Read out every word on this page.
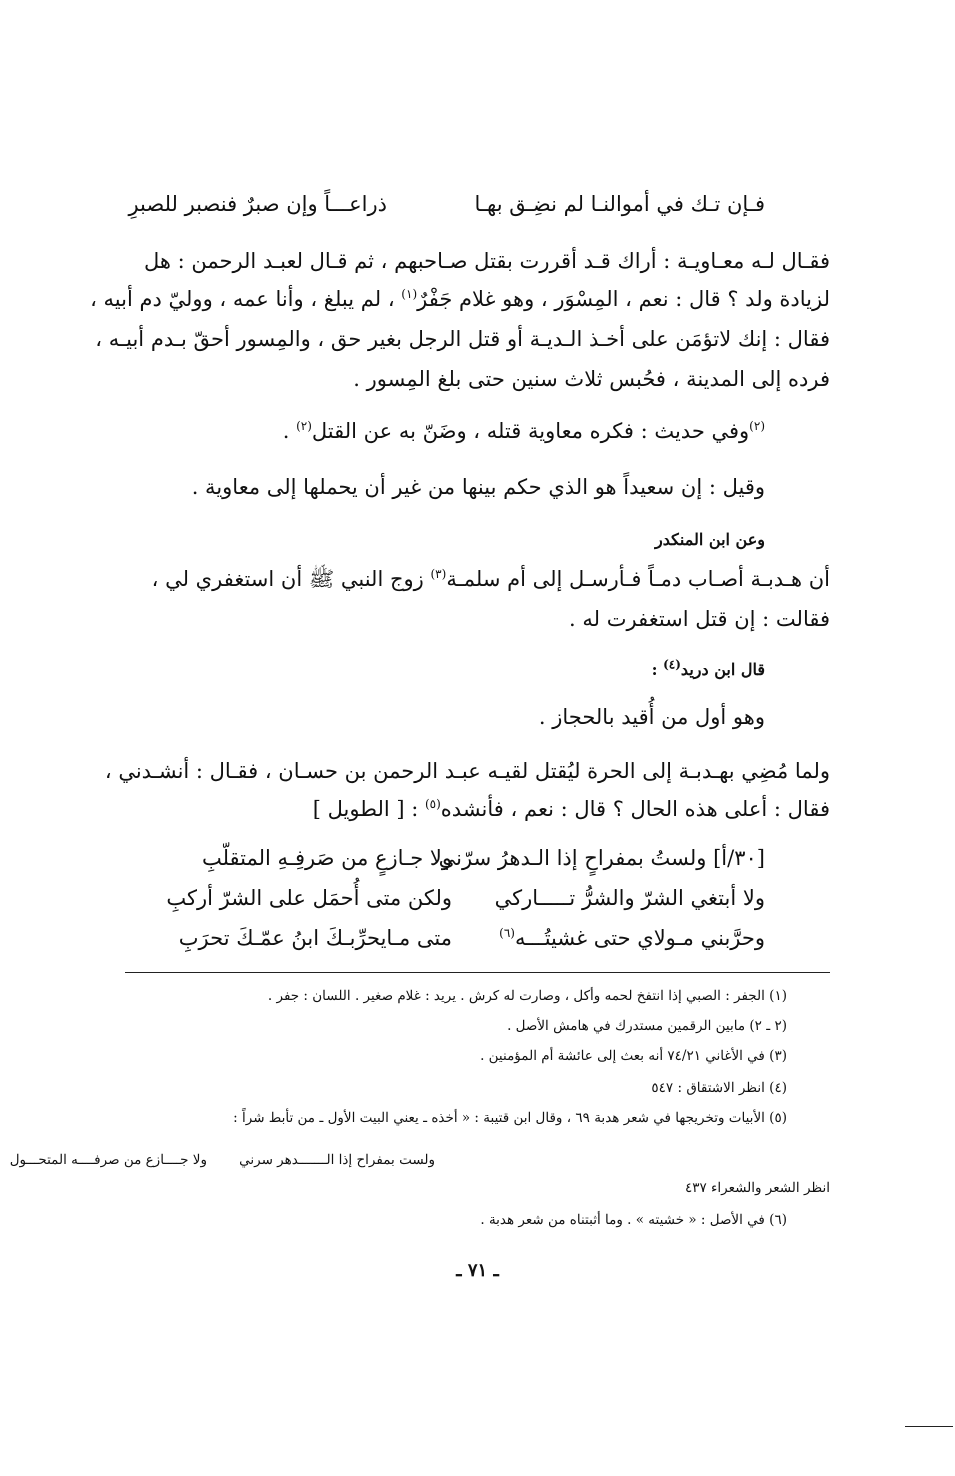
فـإن تـك في أموالنـا لم نضِـق بهـا
ذراعـــاً وإن صبرٌ فنصبر للصبرِ
فقـال لـه معـاويـة : أراك قـد أقررت بقتل صـاحبهم ، ثم قـال لعبـد الرحمن : هل
لزيادة ولد ؟ قال : نعم ، المِسْوَر ، وهو غلام جَفْرٌ$^{(١)}$ ، لم يبلغ ، وأنا عمه ، ووليّ دم أبيه ،
فقال : إنك لاتؤمَن على أخـذ الـديـة أو قتل الرجل بغير حق ، والمِسور أحقّ بـدم أبيـه ،
فرده إلى المدينة ، فحُبس ثلاث سنين حتى بلغ المِسور .
$^{(٢)}$وفي حديث : فكره معاوية قتله ، وضَنّ به عن القتل$^{(٢)}$ .
وقيل : إن سعيداً هو الذي حكم بينها من غير أن يحملها إلى معاوية .
وعن ابن المنكدر
أن هـدبـة أصـاب دمـاً فـأرسـل إلى أم سلمـة$^{(٣)}$ زوج النبي ﷺ أن استغفري لي ،
فقالت : إن قتل استغفرت له .
قال ابن دريد$^{(٤)}$ :
وهو أول من أُقيد بالحجاز .
ولما مُضِي بهـدبـة إلى الحرة ليُقتل لقيـه عبـد الرحمن بن حسـان ، فقـال : أنشـدني ،
فقال : أعلى هذه الحال ؟ قال : نعم ، فأنشده$^{(٥)}$ : [ الطويل ]
[٣٠/أ] ولستُ بمفراحٍ إذا الـدهرُ سرّني
ولا جـازعٍ من صَرفِـهِ المتقلّبِ
ولا أبتغي الشرّ والشرُّ تـــــاركي
ولكن متى أُحمَل على الشرّ أركبِ
وحرَّبني مـولاي حتى غشيتُـــه$^{(٦)}$
متى مـايحرِّبـكَ ابنُ عمّـكَ تحرَبِ
(١) الجفر : الصبي إذا انتفخ لحمه وأكل ، وصارت له كرش . يريد : غلام صغير . اللسان : جفر .
(٢ ـ ٢) مابين الرقمين مستدرك في هامش الأصل .
(٣) في الأغاني ٧٤/٢١ أنه بعث إلى عائشة أم المؤمنين .
(٤) انظر الاشتقاق : ٥٤٧
(٥) الأبيات وتخريجها في شعر هدبة ٦٩ ، وقال ابن قتيبة : « أخذه ـ يعني البيت الأول ـ من تأبط شراً :
ولست بمفراح إذا الـــــــدهر سرني
ولا جــــازع من صرفــــه المتحـــول
انظر الشعر والشعراء ٤٣٧
(٦) في الأصل : « خشيته » . وما أثبتناه من شعر هدبة .
ـ ٧١ ـ
